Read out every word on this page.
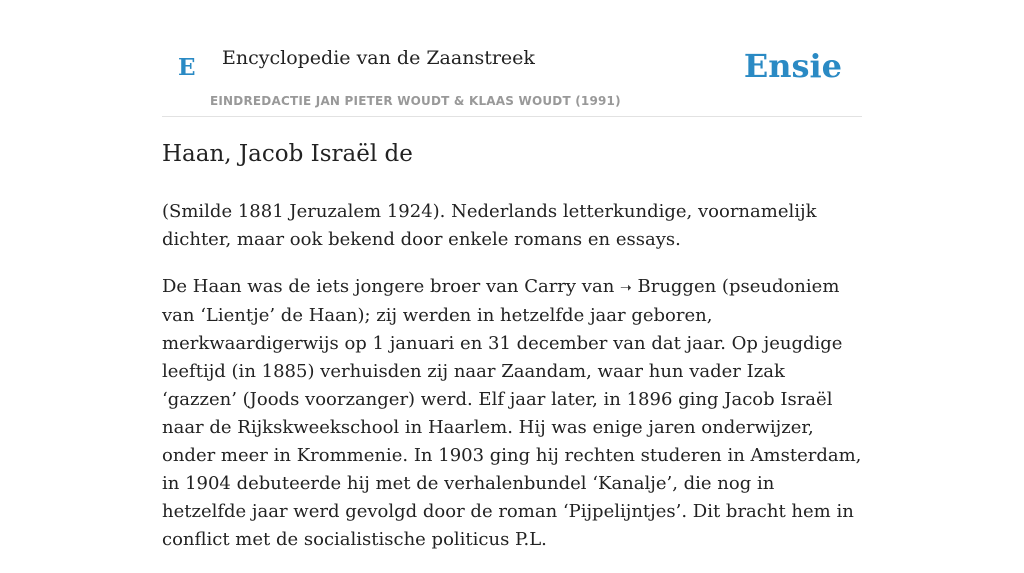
E Encyclopedie van de Zaanstreek
EINDREDACTIE JAN PIETER WOUDT & KLAAS WOUDT (1991)
Ensie
Haan, Jacob Israël de

(Smilde 1881 Jeruzalem 1924). Nederlands letterkundige, voornamelijk dichter, maar ook bekend door enkele romans en essays.

De Haan was de iets jongere broer van Carry van ➝ Bruggen (pseudoniem van ‘Lientje’ de Haan); zij werden in hetzelfde jaar geboren, merkwaardigerwijs op 1 januari en 31 december van dat jaar. Op jeugdige leeftijd (in 1885) verhuisden zij naar Zaandam, waar hun vader Izak ‘gazzen’ (Joods voorzanger) werd. Elf jaar later, in 1896 ging Jacob Israël naar de Rijkskweekschool in Haarlem. Hij was enige jaren onderwijzer, onder meer in Krommenie. In 1903 ging hij rechten studeren in Amsterdam, in 1904 debuteerde hij met de verhalenbundel ‘Kanalje’, die nog in hetzelfde jaar werd gevolgd door de roman ‘Pijpelijntjes’. Dit bracht hem in conflict met de socialistische politicus P.L.
